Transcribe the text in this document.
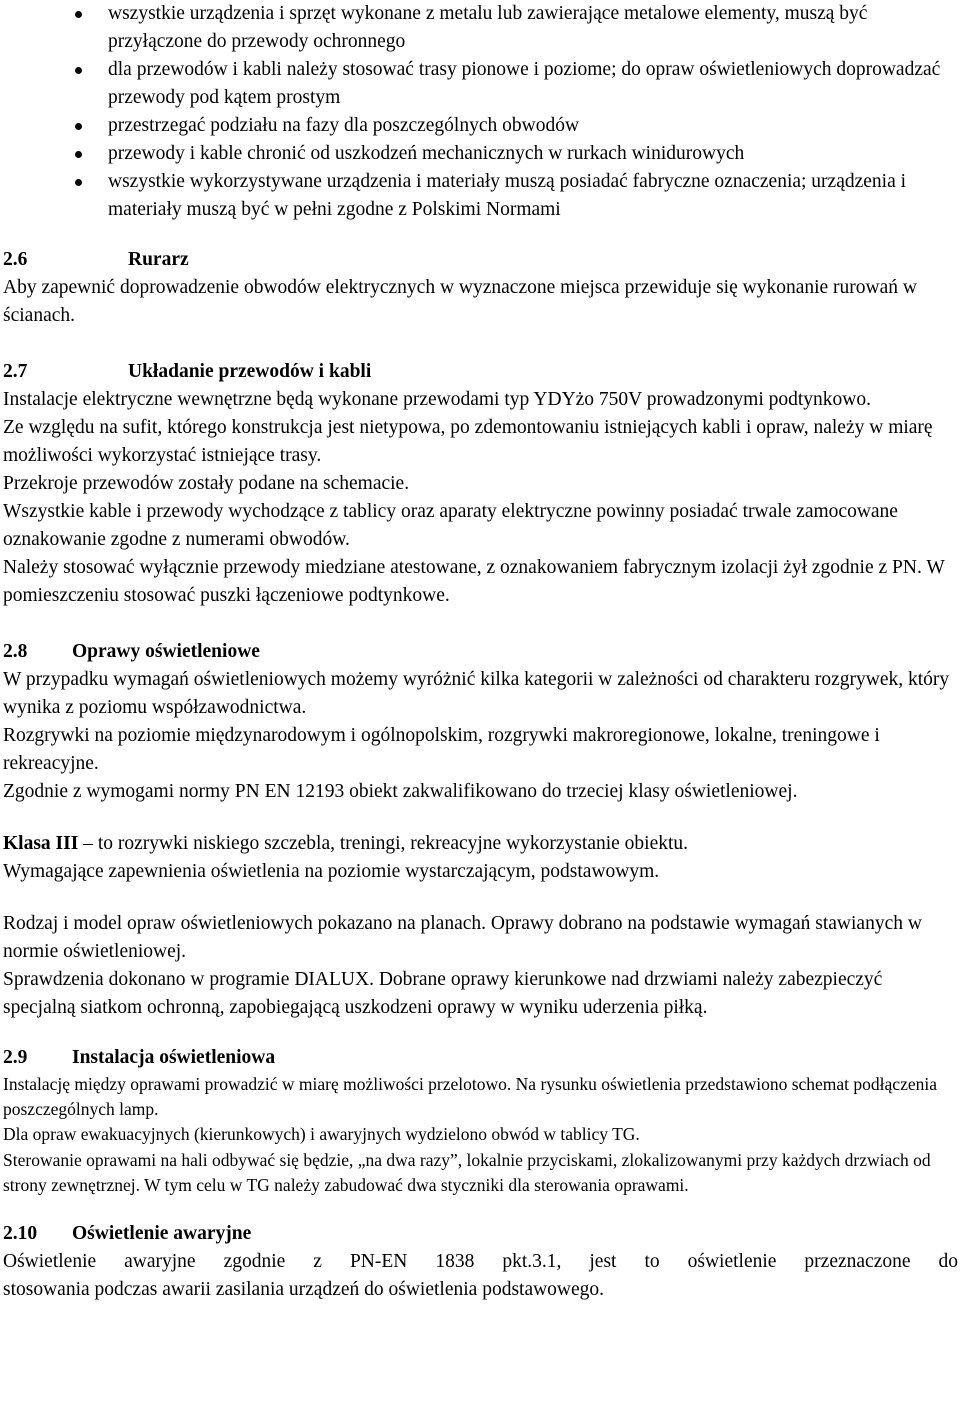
wszystkie urządzenia i sprzęt wykonane z metalu lub zawierające metalowe elementy, muszą być przyłączone do przewody ochronnego
dla przewodów i kabli należy stosować trasy pionowe i poziome; do opraw oświetleniowych doprowadzać przewody pod kątem prostym
przestrzegać podziału na fazy dla poszczególnych obwodów
przewody i kable chronić od uszkodzeń mechanicznych w rurkach winidurowych
wszystkie wykorzystywane urządzenia i materiały muszą posiadać fabryczne oznaczenia; urządzenia i materiały muszą być w pełni zgodne z Polskimi Normami
2.6	Rurarz

Aby zapewnić doprowadzenie obwodów elektrycznych w wyznaczone miejsca przewiduje się wykonanie rurowań w ścianach.

2.7	Układanie przewodów i kabli

Instalacje elektryczne wewnętrzne będą wykonane przewodami typ YDYżo 750V prowadzonymi podtynkowo.

Ze względu na sufit, którego konstrukcja jest nietypowa, po zdemontowaniu istniejących kabli i opraw, należy w miarę możliwości wykorzystać istniejące trasy.

Przekroje przewodów zostały podane na schemacie.

Wszystkie kable i przewody wychodzące z tablicy oraz aparaty elektryczne powinny posiadać trwale zamocowane oznakowanie zgodne z numerami obwodów.

Należy stosować wyłącznie przewody miedziane atestowane, z oznakowaniem fabrycznym izolacji żył zgodnie z PN. W pomieszczeniu stosować puszki łączeniowe podtynkowe.

2.8	Oprawy oświetleniowe

W przypadku wymagań oświetleniowych możemy wyróżnić kilka kategorii w zależności od charakteru rozgrywek, który wynika z poziomu współzawodnictwa.

Rozgrywki na poziomie międzynarodowym i ogólnopolskim, rozgrywki makroregionowe, lokalne, treningowe i rekreacyjne.

Zgodnie z wymogami normy PN EN 12193 obiekt zakwalifikowano do trzeciej klasy oświetleniowej.

Klasa III – to rozrywki niskiego szczebla, treningi, rekreacyjne wykorzystanie obiektu.

Wymagające zapewnienia oświetlenia na poziomie wystarczającym, podstawowym.

Rodzaj i model opraw oświetleniowych pokazano na planach. Oprawy dobrano na podstawie wymagań stawianych w normie oświetleniowej.

Sprawdzenia dokonano w programie DIALUX. Dobrane oprawy kierunkowe nad drzwiami należy zabezpieczyć specjalną siatkom ochronną, zapobiegającą uszkodzeni oprawy w wyniku uderzenia piłką.

2.9	Instalacja oświetleniowa

Instalację między oprawami prowadzić w miarę możliwości przelotowo. Na rysunku oświetlenia przedstawiono schemat podłączenia poszczególnych lamp.

Dla opraw ewakuacyjnych (kierunkowych) i awaryjnych wydzielono obwód w tablicy TG.

Sterowanie oprawami na hali odbywać się będzie, „na dwa razy”, lokalnie przyciskami, zlokalizowanymi przy każdych drzwiach od strony zewnętrznej. W tym celu w TG należy zabudować dwa styczniki dla sterowania oprawami.

2.10	Oświetlenie awaryjne

Oświetlenie awaryjne zgodnie z PN-EN 1838 pkt.3.1, jest to oświetlenie przeznaczone do

stosowania podczas awarii zasilania urządzeń do oświetlenia podstawowego.
